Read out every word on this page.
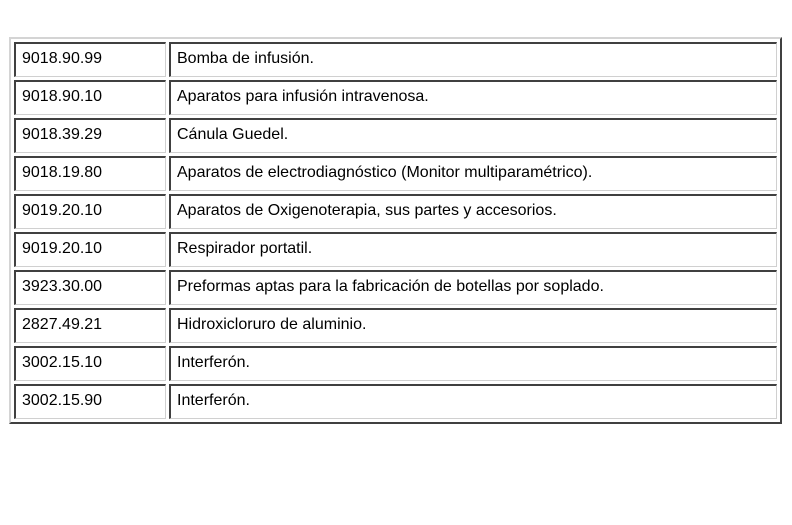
9018.90.99	Bomba de infusión.
9018.90.10	Aparatos para infusión intravenosa.
9018.39.29	Cánula Guedel.
9018.19.80	Aparatos de electrodiagnóstico (Monitor multiparamétrico).
9019.20.10	Aparatos de Oxigenoterapia, sus partes y accesorios.
9019.20.10	Respirador portatil.
3923.30.00	Preformas aptas para la fabricación de botellas por soplado.
2827.49.21	Hidroxicloruro de aluminio.
3002.15.10	Interferón.
3002.15.90	Interferón.
